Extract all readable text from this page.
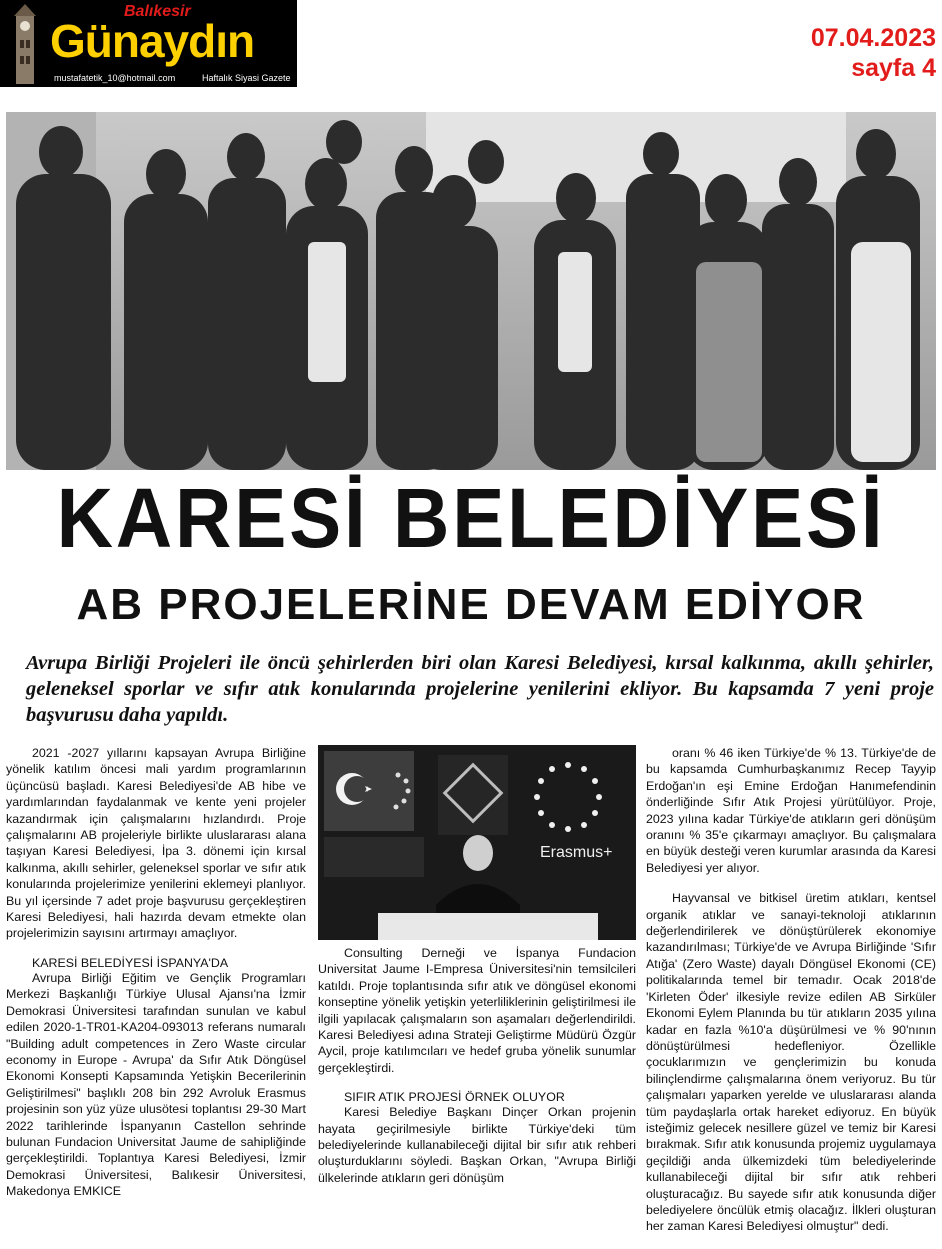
Balıkesir
Günaydın
mustafatetik_10@hotmail.com	Haftalık Siyasi Gazete
07.04.2023
sayfa 4
KARESİ BELEDİYESİ
AB PROJELERİNE DEVAM EDİYOR
Avrupa Birliği Projeleri ile öncü şehirlerden biri olan Karesi Belediyesi, kırsal kalkınma, akıllı şehirler, geleneksel sporlar ve sıfır atık konularında projelerine yenilerini ekliyor. Bu kapsamda 7 yeni proje başvurusu daha yapıldı.

2021 -2027 yıllarını kapsayan Avrupa Birliğine yönelik katılım öncesi mali yardım programlarının üçüncüsü başladı. Karesi Belediyesi'de AB hibe ve yardımlarından faydalanmak ve kente yeni projeler kazandırmak için çalışmalarını hızlandırdı. Proje çalışmalarını AB projeleriyle birlikte uluslararası alana taşıyan Karesi Belediyesi, İpa 3. dönemi için kırsal kalkınma, akıllı sehirler, geleneksel sporlar ve sıfır atık konularında projelerimize yenilerini eklemeyi planlıyor. Bu yıl içersinde 7 adet proje başvurusu gerçekleştiren Karesi Belediyesi, hali hazırda devam etmekte olan projelerimizin sayısını artırmayı amaçlıyor.

KARESİ BELEDİYESİ İSPANYA'DA

Avrupa Birliği Eğitim ve Gençlik Programları Merkezi Başkanlığı Türkiye Ulusal Ajansı'na İzmir Demokrasi Üniversitesi tarafından sunulan ve kabul edilen 2020-1-TR01-KA204-093013 referans numaralı "Building adult competences in Zero Waste circular economy in Europe - Avrupa' da Sıfır Atık Döngüsel Ekonomi Konsepti Kapsamında Yetişkin Becerilerinin Geliştirilmesi" başlıklı 208 bin 292 Avroluk Erasmus projesinin son yüz yüze ulusötesi toplantısı 29-30 Mart 2022 tarihlerinde İspanyanın Castellon sehrinde bulunan Fundacion Universitat Jaume de sahipliğinde gerçekleştirildi. Toplantıya Karesi Belediyesi, İzmir Demokrasi Üniversitesi, Balıkesir Üniversitesi, Makedonya EMKICE

Erasmus+

Consulting Derneği ve İspanya Fundacion Universitat Jaume I-Empresa Üniversitesi'nin temsilcileri katıldı. Proje toplantısında sıfır atık ve döngüsel ekonomi konseptine yönelik yetişkin yeterliliklerinin geliştirilmesi ile ilgili yapılacak çalışmaların son aşamaları değerlendirildi. Karesi Belediyesi adına Strateji Geliştirme Müdürü Özgür Aycil, proje katılımcıları ve hedef gruba yönelik sunumlar gerçekleştirdi.

SIFIR ATIK PROJESİ ÖRNEK OLUYOR

Karesi Belediye Başkanı Dinçer Orkan projenin hayata geçirilmesiyle birlikte Türkiye'deki tüm belediyelerinde kullanabileceği dijital bir sıfır atık rehberi oluşturduklarını söyledi. Başkan Orkan, "Avrupa Birliği ülkelerinde atıkların geri dönüşüm

oranı % 46 iken Türkiye'de % 13. Türkiye'de de bu kapsamda Cumhurbaşkanımız Recep Tayyip Erdoğan'ın eşi Emine Erdoğan Hanımefendinin önderliğinde Sıfır Atık Projesi yürütülüyor. Proje, 2023 yılına kadar Türkiye'de atıkların geri dönüşüm oranını % 35'e çıkarmayı amaçlıyor. Bu çalışmalara en büyük desteği veren kurumlar arasında da Karesi Belediyesi yer alıyor.

Hayvansal ve bitkisel üretim atıkları, kentsel organik atıklar ve sanayi-teknoloji atıklarının değerlendirilerek ve dönüştürülerek ekonomiye kazandırılması; Türkiye'de ve Avrupa Birliğinde 'Sıfır Atığa' (Zero Waste) dayalı Döngüsel Ekonomi (CE) politikalarında temel bir temadır. Ocak 2018'de 'Kirleten Öder' ilkesiyle revize edilen AB Sirküler Ekonomi Eylem Planında bu tür atıkların 2035 yılına kadar en fazla %10'a düşürülmesi ve % 90'nının dönüştürülmesi hedefleniyor. Özellikle çocuklarımızın ve gençlerimizin bu konuda bilinçlendirme çalışmalarına önem veriyoruz. Bu tür çalışmaları yaparken yerelde ve uluslararası alanda tüm paydaşlarla ortak hareket ediyoruz. En büyük isteğimiz gelecek nesillere güzel ve temiz bir Karesi bırakmak. Sıfır atık konusunda projemiz uygulamaya geçildiği anda ülkemizdeki tüm belediyelerinde kullanabileceği dijital bir sıfır atık rehberi oluşturacağız. Bu sayede sıfır atık konusunda diğer belediyelere öncülük etmiş olacağız. İlkleri oluşturan her zaman Karesi Belediyesi olmuştur" dedi.
